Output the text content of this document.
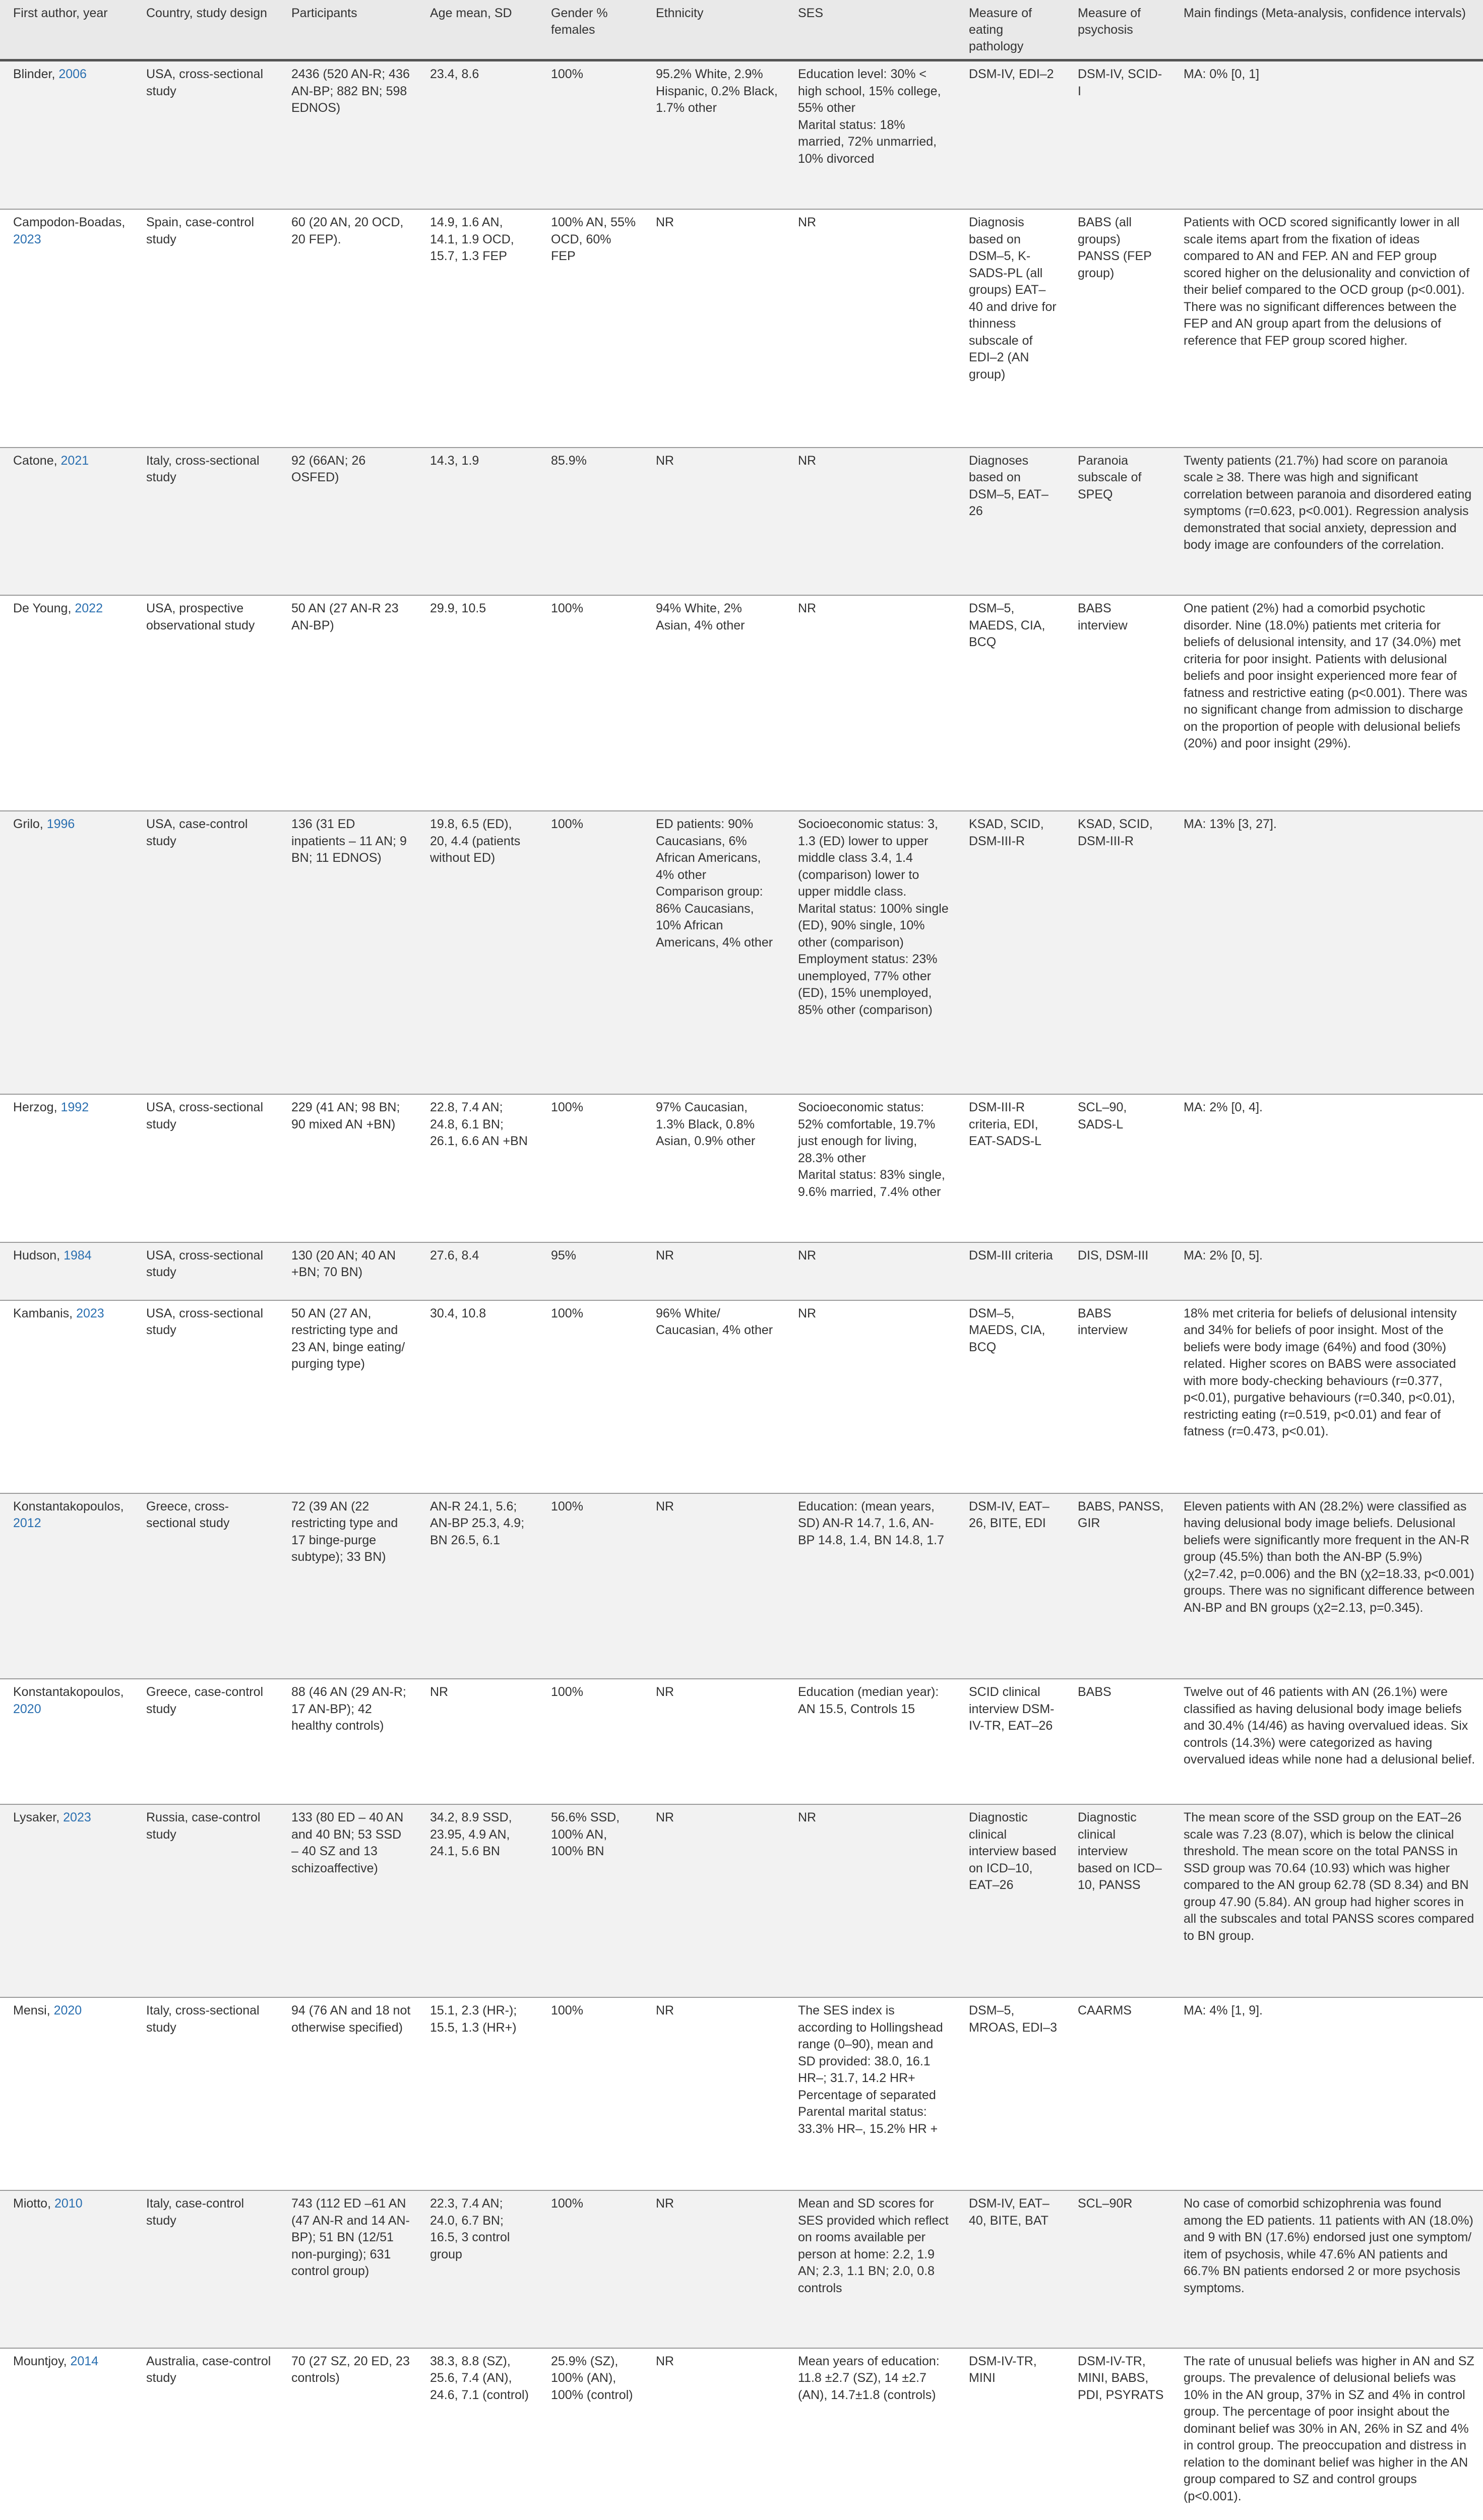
First author, year	Country, study design	Participants	Age mean, SD	Gender % females	Ethnicity	SES	Measure of eating pathology	Measure of psychosis	Main findings (Meta-analysis, confidence intervals)
Blinder, 2006	USA, cross-sectional study	2436 (520 AN-R; 436 AN-BP; 882 BN; 598 EDNOS)	23.4, 8.6	100%	95.2% White, 2.9% Hispanic, 0.2% Black, 1.7% other	Education level: 30% < high school, 15% college, 55% other
Marital status: 18% married, 72% unmarried, 10% divorced	DSM-IV, EDI–2	DSM-IV, SCID-I	MA: 0% [0, 1]
Campodon-Boadas, 2023	Spain, case-control study	60 (20 AN, 20 OCD, 20 FEP).	14.9, 1.6 AN, 14.1, 1.9 OCD, 15.7, 1.3 FEP	100% AN, 55% OCD, 60% FEP	NR	NR	Diagnosis based on DSM–5, K-SADS-PL (all groups) EAT–40 and drive for thinness subscale of EDI–2 (AN group)	BABS (all groups) PANSS (FEP group)	Patients with OCD scored significantly lower in all scale items apart from the fixation of ideas compared to AN and FEP. AN and FEP group scored higher on the delusionality and conviction of their belief compared to the OCD group (p<0.001). There was no significant differences between the FEP and AN group apart from the delusions of reference that FEP group scored higher.
Catone, 2021	Italy, cross-sectional study	92 (66AN; 26 OSFED)	14.3, 1.9	85.9%	NR	NR	Diagnoses based on DSM–5, EAT–26	Paranoia subscale of SPEQ	Twenty patients (21.7%) had score on paranoia scale ≥ 38. There was high and significant correlation between paranoia and disordered eating symptoms (r=0.623, p<0.001). Regression analysis demonstrated that social anxiety, depression and body image are confounders of the correlation.
De Young, 2022	USA, prospective observational study	50 AN (27 AN-R 23 AN-BP)	29.9, 10.5	100%	94% White, 2% Asian, 4% other	NR	DSM–5, MAEDS, CIA, BCQ	BABS interview	One patient (2%) had a comorbid psychotic disorder. Nine (18.0%) patients met criteria for beliefs of delusional intensity, and 17 (34.0%) met criteria for poor insight. Patients with delusional beliefs and poor insight experienced more fear of fatness and restrictive eating (p<0.001). There was no significant change from admission to discharge on the proportion of people with delusional beliefs (20%) and poor insight (29%).
Grilo, 1996	USA, case-control study	136 (31 ED inpatients – 11 AN; 9 BN; 11 EDNOS)	19.8, 6.5 (ED), 20, 4.4 (patients without ED)	100%	ED patients: 90% Caucasians, 6% African Americans, 4% other
Comparison group: 86% Caucasians, 10% African Americans, 4% other	Socioeconomic status: 3, 1.3 (ED) lower to upper middle class 3.4, 1.4 (comparison) lower to upper middle class.
Marital status: 100% single (ED), 90% single, 10% other (comparison)
Employment status: 23% unemployed, 77% other (ED), 15% unemployed, 85% other (comparison)	KSAD, SCID, DSM-III-R	KSAD, SCID, DSM-III-R	MA: 13% [3, 27].
Herzog, 1992	USA, cross-sectional study	229 (41 AN; 98 BN; 90 mixed AN +BN)	22.8, 7.4 AN; 24.8, 6.1 BN; 26.1, 6.6 AN +BN	100%	97% Caucasian, 1.3% Black, 0.8% Asian, 0.9% other	Socioeconomic status: 52% comfortable, 19.7% just enough for living, 28.3% other
Marital status: 83% single, 9.6% married, 7.4% other	DSM-III-R criteria, EDI, EAT-SADS-L	SCL–90, SADS-L	MA: 2% [0, 4].
Hudson, 1984	USA, cross-sectional study	130 (20 AN; 40 AN +BN; 70 BN)	27.6, 8.4	95%	NR	NR	DSM-III criteria	DIS, DSM-III	MA: 2% [0, 5].
Kambanis, 2023	USA, cross-sectional study	50 AN (27 AN, restricting type and 23 AN, binge eating/ purging type)	30.4, 10.8	100%	96% White/ Caucasian, 4% other	NR	DSM–5, MAEDS, CIA, BCQ	BABS interview	18% met criteria for beliefs of delusional intensity and 34% for beliefs of poor insight. Most of the beliefs were body image (64%) and food (30%) related. Higher scores on BABS were associated with more body-checking behaviours (r=0.377, p<0.01), purgative behaviours (r=0.340, p<0.01), restricting eating (r=0.519, p<0.01) and fear of fatness (r=0.473, p<0.01).
Konstantakopoulos, 2012	Greece, cross-sectional study	72 (39 AN (22 restricting type and 17 binge-purge subtype); 33 BN)	AN-R 24.1, 5.6; AN-BP 25.3, 4.9; BN 26.5, 6.1	100%	NR	Education: (mean years, SD) AN-R 14.7, 1.6, AN-BP 14.8, 1.4, BN 14.8, 1.7	DSM-IV, EAT–26, BITE, EDI	BABS, PANSS, GIR	Eleven patients with AN (28.2%) were classified as having delusional body image beliefs. Delusional beliefs were significantly more frequent in the AN-R group (45.5%) than both the AN-BP (5.9%) (χ2=7.42, p=0.006) and the BN (χ2=18.33, p<0.001) groups. There was no significant difference between AN-BP and BN groups (χ2=2.13, p=0.345).
Konstantakopoulos, 2020	Greece, case-control study	88 (46 AN (29 AN-R; 17 AN-BP); 42 healthy controls)	NR	100%	NR	Education (median year): AN 15.5, Controls 15	SCID clinical interview DSM-IV-TR, EAT–26	BABS	Twelve out of 46 patients with AN (26.1%) were classified as having delusional body image beliefs and 30.4% (14/46) as having overvalued ideas. Six controls (14.3%) were categorized as having overvalued ideas while none had a delusional belief.
Lysaker, 2023	Russia, case-control study	133 (80 ED – 40 AN and 40 BN; 53 SSD – 40 SZ and 13 schizoaffective)	34.2, 8.9 SSD, 23.95, 4.9 AN, 24.1, 5.6 BN	56.6% SSD, 100% AN, 100% BN	NR	NR	Diagnostic clinical interview based on ICD–10, EAT–26	Diagnostic clinical interview based on ICD–10, PANSS	The mean score of the SSD group on the EAT–26 scale was 7.23 (8.07), which is below the clinical threshold. The mean score on the total PANSS in SSD group was 70.64 (10.93) which was higher compared to the AN group 62.78 (SD 8.34) and BN group 47.90 (5.84). AN group had higher scores in all the subscales and total PANSS scores compared to BN group.
Mensi, 2020	Italy, cross-sectional study	94 (76 AN and 18 not otherwise specified)	15.1, 2.3 (HR-); 15.5, 1.3 (HR+)	100%	NR	The SES index is according to Hollingshead range (0–90), mean and SD provided: 38.0, 16.1 HR–; 31.7, 14.2 HR+ Percentage of separated
Parental marital status: 33.3% HR–, 15.2% HR +	DSM–5, MROAS, EDI–3	CAARMS	MA: 4% [1, 9].
Miotto, 2010	Italy, case-control study	743 (112 ED –61 AN (47 AN-R and 14 AN-BP); 51 BN (12/51 non-purging); 631 control group)	22.3, 7.4 AN; 24.0, 6.7 BN; 16.5, 3 control group	100%	NR	Mean and SD scores for SES provided which reflect on rooms available per person at home: 2.2, 1.9 AN; 2.3, 1.1 BN; 2.0, 0.8 controls	DSM-IV, EAT–40, BITE, BAT	SCL–90R	No case of comorbid schizophrenia was found among the ED patients. 11 patients with AN (18.0%) and 9 with BN (17.6%) endorsed just one symptom/ item of psychosis, while 47.6% AN patients and 66.7% BN patients endorsed 2 or more psychosis symptoms.
Mountjoy, 2014	Australia, case-control study	70 (27 SZ, 20 ED, 23 controls)	38.3, 8.8 (SZ), 25.6, 7.4 (AN), 24.6, 7.1 (control)	25.9% (SZ), 100% (AN), 100% (control)	NR	Mean years of education: 11.8 ±2.7 (SZ), 14 ±2.7 (AN), 14.7±1.8 (controls)	DSM-IV-TR, MINI	DSM-IV-TR, MINI, BABS, PDI, PSYRATS	The rate of unusual beliefs was higher in AN and SZ groups. The prevalence of delusional beliefs was 10% in the AN group, 37% in SZ and 4% in control group. The percentage of poor insight about the dominant belief was 30% in AN, 26% in SZ and 4% in control group. The preoccupation and distress in relation to the dominant belief was higher in the AN group compared to SZ and control groups (p<0.001).
